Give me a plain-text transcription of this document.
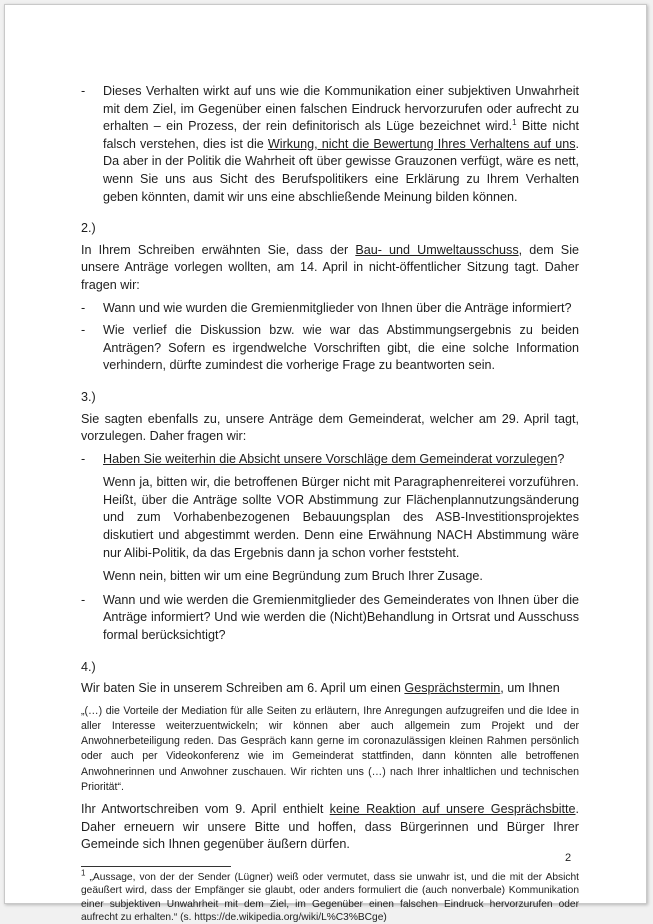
- Dieses Verhalten wirkt auf uns wie die Kommunikation einer subjektiven Unwahrheit mit dem Ziel, im Gegenüber einen falschen Eindruck hervorzurufen oder aufrecht zu erhalten – ein Prozess, der rein definitorisch als Lüge bezeichnet wird.$^1$ Bitte nicht falsch verstehen, dies ist die Wirkung, nicht die Bewertung Ihres Verhaltens auf uns. Da aber in der Politik die Wahrheit oft über gewisse Grauzonen verfügt, wäre es nett, wenn Sie uns aus Sicht des Berufspolitikers eine Erklärung zu Ihrem Verhalten geben könnten, damit wir uns eine abschließende Meinung bilden können.

2.)

In Ihrem Schreiben erwähnten Sie, dass der Bau- und Umweltausschuss, dem Sie unsere Anträge vorlegen wollten, am 14. April in nicht-öffentlicher Sitzung tagt. Daher fragen wir:

- Wann und wie wurden die Gremienmitglieder von Ihnen über die Anträge informiert?

- Wie verlief die Diskussion bzw. wie war das Abstimmungsergebnis zu beiden Anträgen? Sofern es irgendwelche Vorschriften gibt, die eine solche Information verhindern, dürfte zumindest die vorherige Frage zu beantworten sein.

3.)

Sie sagten ebenfalls zu, unsere Anträge dem Gemeinderat, welcher am 29. April tagt, vorzulegen. Daher fragen wir:

- Haben Sie weiterhin die Absicht unsere Vorschläge dem Gemeinderat vorzulegen?

Wenn ja, bitten wir, die betroffenen Bürger nicht mit Paragraphenreiterei vorzuführen. Heißt, über die Anträge sollte VOR Abstimmung zur Flächenplannutzungsänderung und zum Vorhabenbezogenen Bebauungsplan des ASB-Investitionsprojektes diskutiert und abgestimmt werden. Denn eine Erwähnung NACH Abstimmung wäre nur Alibi-Politik, da das Ergebnis dann ja schon vorher feststeht.

Wenn nein, bitten wir um eine Begründung zum Bruch Ihrer Zusage.

- Wann und wie werden die Gremienmitglieder des Gemeinderates von Ihnen über die Anträge informiert? Und wie werden die (Nicht)Behandlung in Ortsrat und Ausschuss formal berücksichtigt?

4.)

Wir baten Sie in unserem Schreiben am 6. April um einen Gesprächstermin, um Ihnen

„(…) die Vorteile der Mediation für alle Seiten zu erläutern, Ihre Anregungen aufzugreifen und die Idee in aller Interesse weiterzuentwickeln; wir können aber auch allgemein zum Projekt und der Anwohnerbeteiligung reden. Das Gespräch kann gerne im coronazulässigen kleinen Rahmen persönlich oder auch per Videokonferenz wie im Gemeinderat stattfinden, dann könnten alle betroffenen Anwohnerinnen und Anwohner zuschauen. Wir richten uns (…) nach Ihrer inhaltlichen und technischen Priorität“.

Ihr Antwortschreiben vom 9. April enthielt keine Reaktion auf unsere Gesprächsbitte. Daher erneuern wir unsere Bitte und hoffen, dass Bürgerinnen und Bürger Ihrer Gemeinde sich Ihnen gegenüber äußern dürfen.

$^1$ „Aussage, von der der Sender (Lügner) weiß oder vermutet, dass sie unwahr ist, und die mit der Absicht geäußert wird, dass der Empfänger sie glaubt, oder anders formuliert die (auch nonverbale) Kommunikation einer subjektiven Unwahrheit mit dem Ziel, im Gegenüber einen falschen Eindruck hervorzurufen oder aufrecht zu erhalten.“ (s. https://de.wikipedia.org/wiki/L%C3%BCge)

2
